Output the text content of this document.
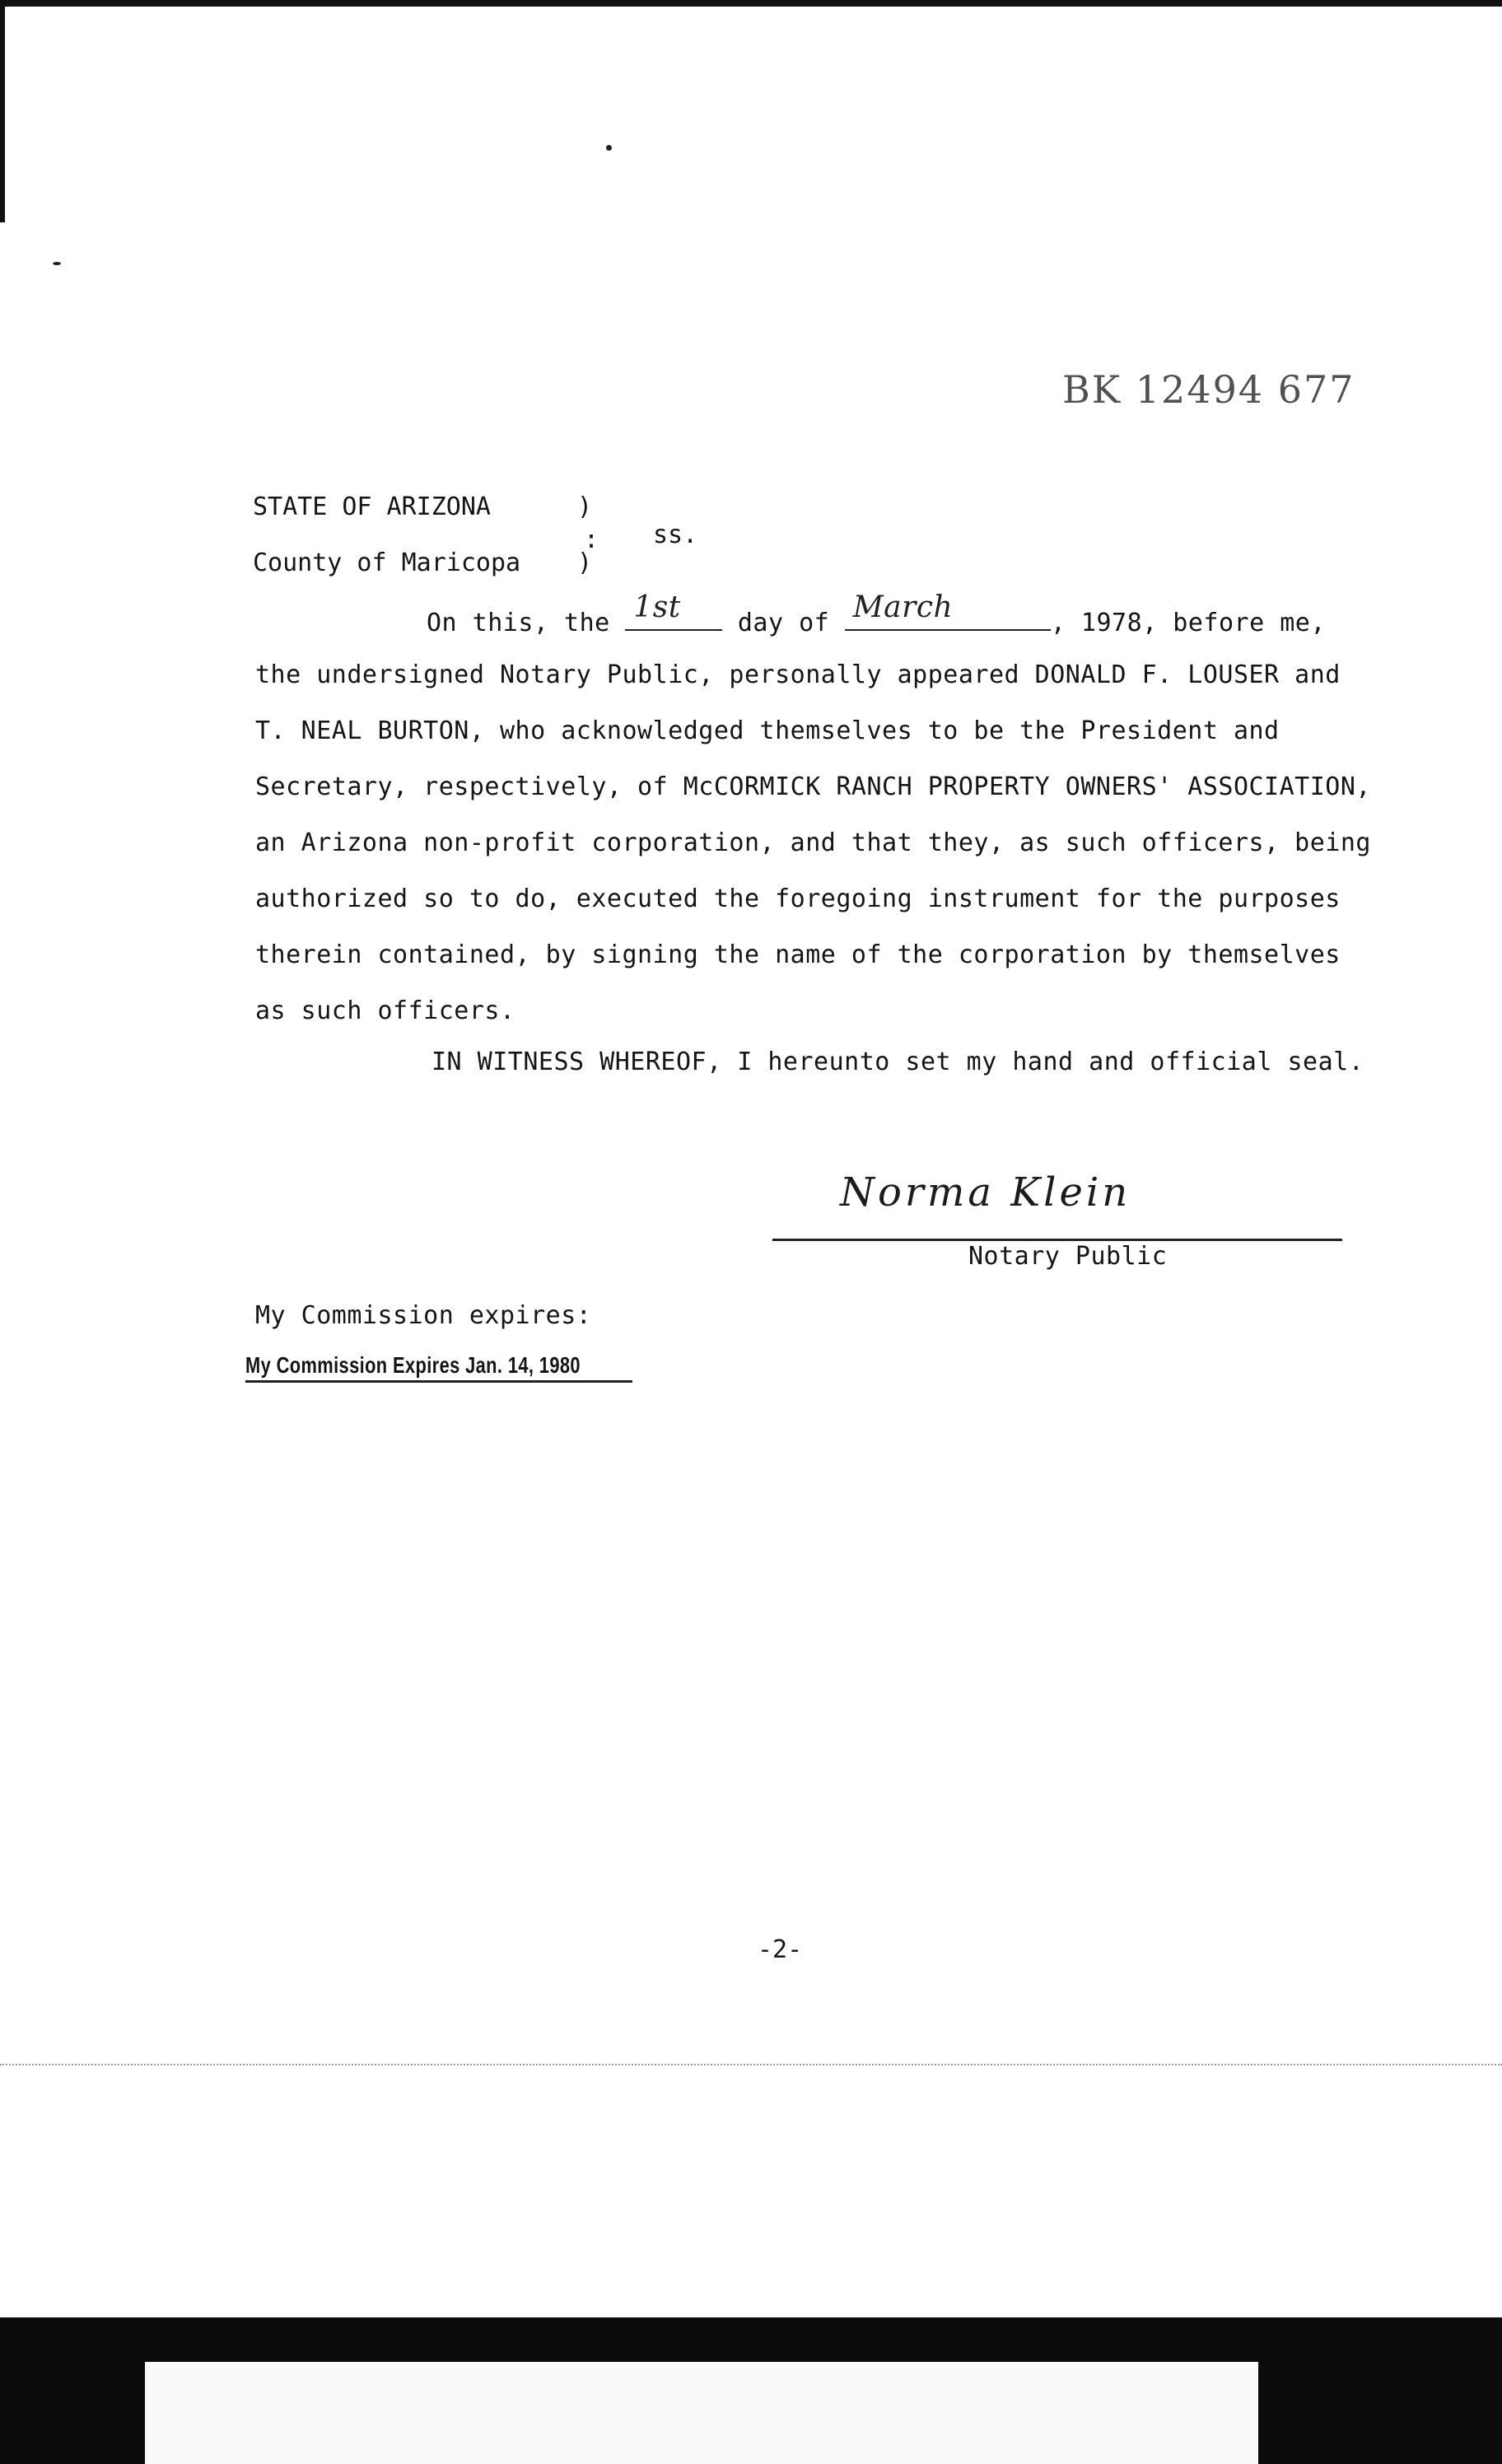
BK 12494 677
STATE OF ARIZONA	)
: ss.
County of Maricopa )
On this, the 1st day of March	, 1978, before me,
the undersigned Notary Public, personally appeared DONALD F. LOUSER and
T. NEAL BURTON, who acknowledged themselves to be the President and
Secretary, respectively, of McCORMICK RANCH PROPERTY OWNERS' ASSOCIATION,
an Arizona non-profit corporation, and that they, as such officers, being
authorized so to do, executed the foregoing instrument for the purposes
therein contained, by signing the name of the corporation by themselves
as such officers.
IN WITNESS WHEREOF, I hereunto set my hand and official seal.
Norma Klein
Notary Public
My Commission expires:
My Commission Expires Jan. 14, 1980
-2-
